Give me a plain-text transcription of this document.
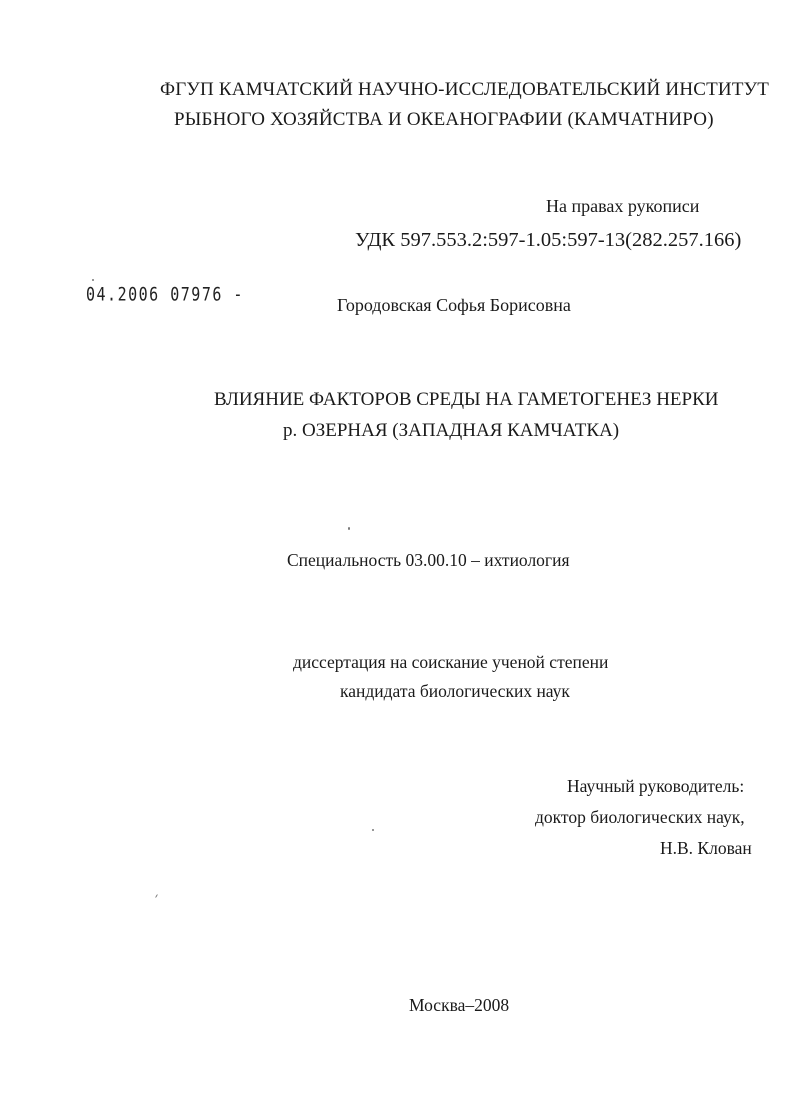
ФГУП КАМЧАТСКИЙ НАУЧНО-ИССЛЕДОВАТЕЛЬСКИЙ ИНСТИТУТ
РЫБНОГО ХОЗЯЙСТВА И ОКЕАНОГРАФИИ (КАМЧАТНИРО)
На правах рукописи
УДК 597.553.2:597-1.05:597-13(282.257.166)
04.2006 07976 -	Городовская Софья Борисовна
ВЛИЯНИЕ ФАКТОРОВ СРЕДЫ НА ГАМЕТОГЕНЕЗ НЕРКИ
р. ОЗЕРНАЯ (ЗАПАДНАЯ КАМЧАТКА)
Специальность 03.00.10 – ихтиология
диссертация на соискание ученой степени
кандидата биологических наук
Научный руководитель:
доктор биологических наук,
Н.В. Клован
Москва–2008
